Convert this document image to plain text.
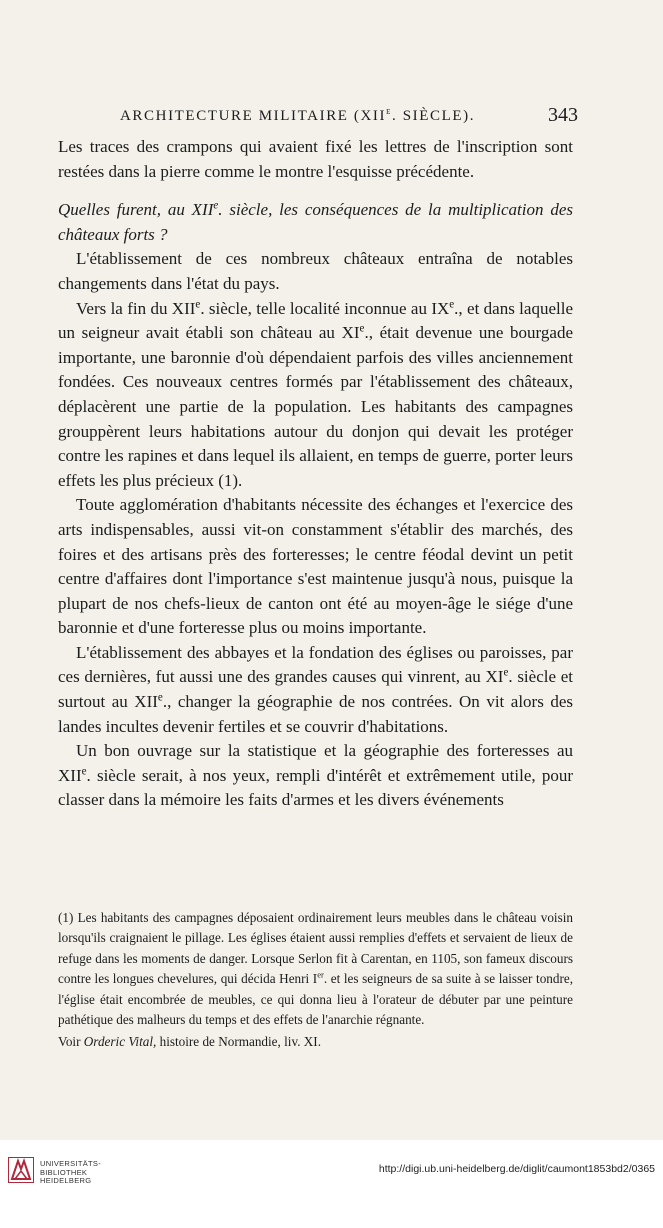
ARCHITECTURE MILITAIRE (XIIe. SIÈCLE).	343

Les traces des crampons qui avaient fixé les lettres de l'inscription sont restées dans la pierre comme le montre l'esquisse précédente.

Quelles furent, au XIIe. siècle, les conséquences de la multiplication des châteaux forts ?

L'établissement de ces nombreux châteaux entraîna de notables changements dans l'état du pays.

Vers la fin du XIIe. siècle, telle localité inconnue au IXe., et dans laquelle un seigneur avait établi son château au XIe., était devenue une bourgade importante, une baronnie d'où dépendaient parfois des villes anciennement fondées. Ces nouveaux centres formés par l'établissement des châteaux, déplacèrent une partie de la population. Les habitants des campagnes grouppèrent leurs habitations autour du donjon qui devait les protéger contre les rapines et dans lequel ils allaient, en temps de guerre, porter leurs effets les plus précieux (1).

Toute agglomération d'habitants nécessite des échanges et l'exercice des arts indispensables, aussi vit-on constamment s'établir des marchés, des foires et des artisans près des forteresses; le centre féodal devint un petit centre d'affaires dont l'importance s'est maintenue jusqu'à nous, puisque la plupart de nos chefs-lieux de canton ont été au moyen-âge le siége d'une baronnie et d'une forteresse plus ou moins importante.

L'établissement des abbayes et la fondation des églises ou paroisses, par ces dernières, fut aussi une des grandes causes qui vinrent, au XIe. siècle et surtout au XIIe., changer la géographie de nos contrées. On vit alors des landes incultes devenir fertiles et se couvrir d'habitations.

Un bon ouvrage sur la statistique et la géographie des forteresses au XIIe. siècle serait, à nos yeux, rempli d'intérêt et extrêmement utile, pour classer dans la mémoire les faits d'armes et les divers événements

(1) Les habitants des campagnes déposaient ordinairement leurs meubles dans le château voisin lorsqu'ils craignaient le pillage. Les églises étaient aussi remplies d'effets et servaient de lieux de refuge dans les moments de danger. Lorsque Serlon fit à Carentan, en 1105, son fameux discours contre les longues chevelures, qui décida Henri Ier. et les seigneurs de sa suite à se laisser tondre, l'église était encombrée de meubles, ce qui donna lieu à l'orateur de débuter par une peinture pathétique des malheurs du temps et des effets de l'anarchie régnante.

Voir Orderic Vital, histoire de Normandie, liv. XI.

UNIVERSITÄTS-
BIBLIOTHEK
HEIDELBERG
http://digi.ub.uni-heidelberg.de/diglit/caumont1853bd2/0365
